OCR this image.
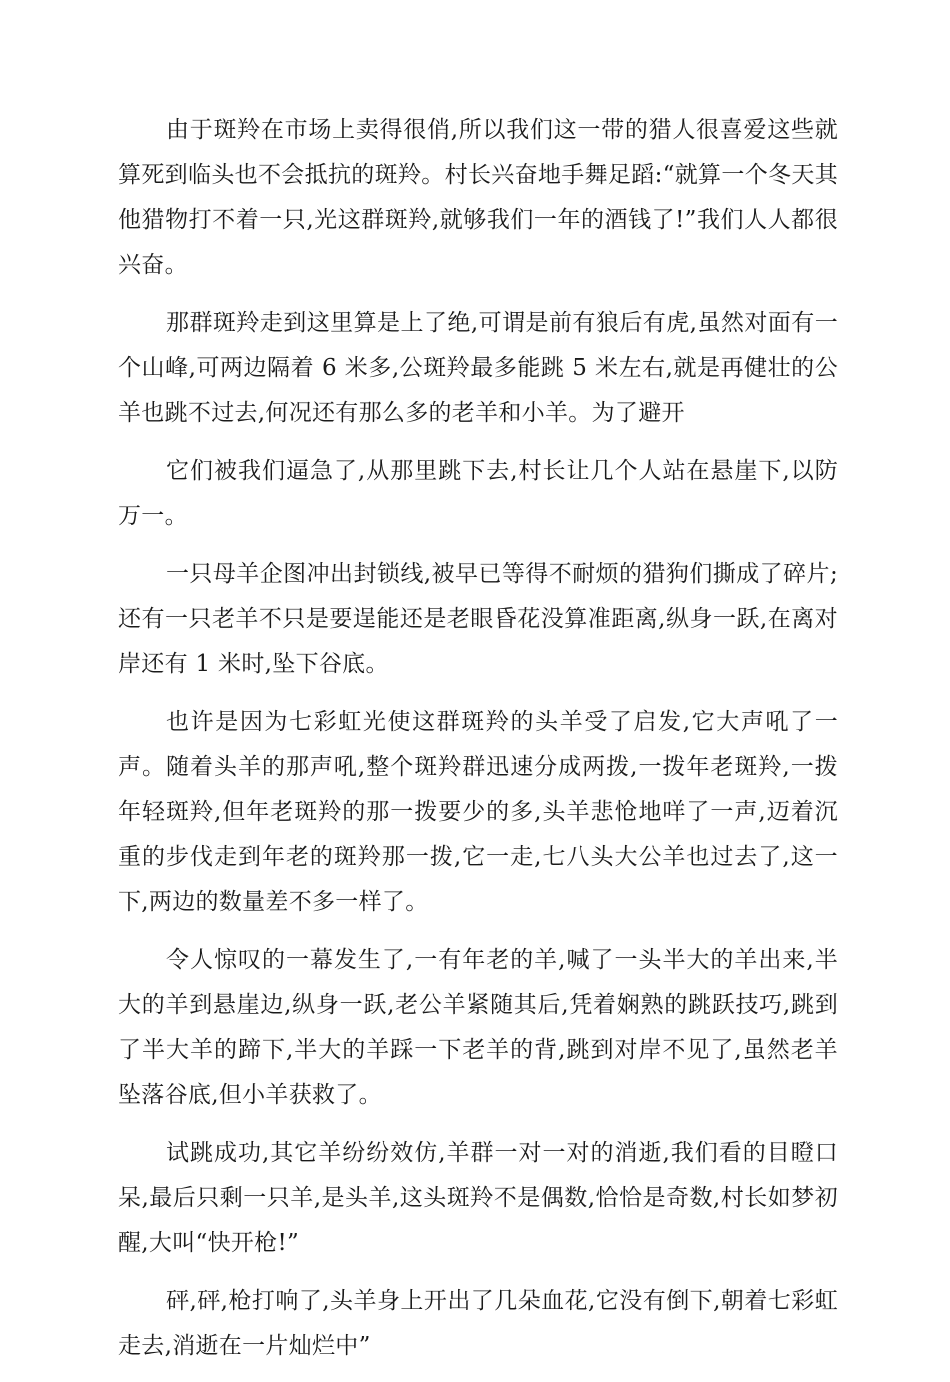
由于斑羚在市场上卖得很俏,所以我们这一带的猎人很喜爱这些就算死到临头也不会抵抗的斑羚。村长兴奋地手舞足蹈:“就算一个冬天其他猎物打不着一只,光这群斑羚,就够我们一年的酒钱了!”我们人人都很兴奋。

那群斑羚走到这里算是上了绝,可谓是前有狼后有虎,虽然对面有一个山峰,可两边隔着 6 米多,公斑羚最多能跳 5 米左右,就是再健壮的公羊也跳不过去,何况还有那么多的老羊和小羊。为了避开

它们被我们逼急了,从那里跳下去,村长让几个人站在悬崖下,以防万一。

一只母羊企图冲出封锁线,被早已等得不耐烦的猎狗们撕成了碎片;还有一只老羊不只是要逞能还是老眼昏花没算准距离,纵身一跃,在离对岸还有 1 米时,坠下谷底。

也许是因为七彩虹光使这群斑羚的头羊受了启发,它大声吼了一声。随着头羊的那声吼,整个斑羚群迅速分成两拨,一拨年老斑羚,一拨年轻斑羚,但年老斑羚的那一拨要少的多,头羊悲怆地咩了一声,迈着沉重的步伐走到年老的斑羚那一拨,它一走,七八头大公羊也过去了,这一下,两边的数量差不多一样了。

令人惊叹的一幕发生了,一有年老的羊,喊了一头半大的羊出来,半大的羊到悬崖边,纵身一跃,老公羊紧随其后,凭着娴熟的跳跃技巧,跳到了半大羊的蹄下,半大的羊踩一下老羊的背,跳到对岸不见了,虽然老羊坠落谷底,但小羊获救了。

试跳成功,其它羊纷纷效仿,羊群一对一对的消逝,我们看的目瞪口呆,最后只剩一只羊,是头羊,这头斑羚不是偶数,恰恰是奇数,村长如梦初醒,大叫“快开枪!”

砰,砰,枪打响了,头羊身上开出了几朵血花,它没有倒下,朝着七彩虹走去,消逝在一片灿烂中”
